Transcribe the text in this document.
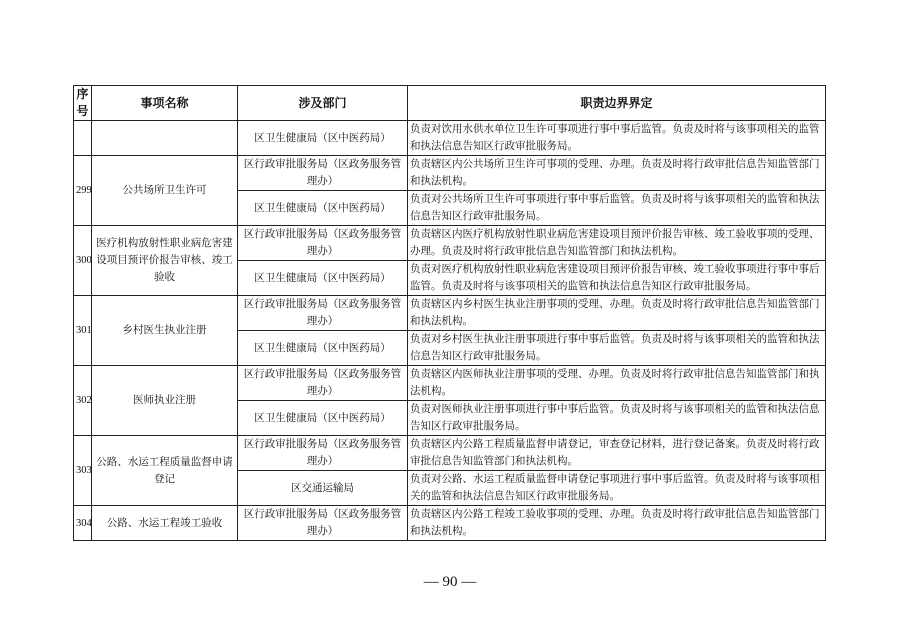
序号	事项名称	涉及部门	职责边界界定
		区卫生健康局（区中医药局）	负责对饮用水供水单位卫生许可事项进行事中事后监管。负责及时将与该事项相关的监管和执法信息告知区行政审批服务局。
299	公共场所卫生许可	区行政审批服务局（区政务服务管理办）	负责辖区内公共场所卫生许可事项的受理、办理。负责及时将行政审批信息告知监管部门和执法机构。
		区卫生健康局（区中医药局）	负责对公共场所卫生许可事项进行事中事后监管。负责及时将与该事项相关的监管和执法信息告知区行政审批服务局。
300	医疗机构放射性职业病危害建设项目预评价报告审核、竣工验收	区行政审批服务局（区政务服务管理办）	负责辖区内医疗机构放射性职业病危害建设项目预评价报告审核、竣工验收事项的受理、办理。负责及时将行政审批信息告知监管部门和执法机构。
		区卫生健康局（区中医药局）	负责对医疗机构放射性职业病危害建设项目预评价报告审核、竣工验收事项进行事中事后监管。负责及时将与该事项相关的监管和执法信息告知区行政审批服务局。
301	乡村医生执业注册	区行政审批服务局（区政务服务管理办）	负责辖区内乡村医生执业注册事项的受理、办理。负责及时将行政审批信息告知监管部门和执法机构。
		区卫生健康局（区中医药局）	负责对乡村医生执业注册事项进行事中事后监管。负责及时将与该事项相关的监管和执法信息告知区行政审批服务局。
302	医师执业注册	区行政审批服务局（区政务服务管理办）	负责辖区内医师执业注册事项的受理、办理。负责及时将行政审批信息告知监管部门和执法机构。
		区卫生健康局（区中医药局）	负责对医师执业注册事项进行事中事后监管。负责及时将与该事项相关的监管和执法信息告知区行政审批服务局。
303	公路、水运工程质量监督申请登记	区行政审批服务局（区政务服务管理办）	负责辖区内公路工程质量监督申请登记，审查登记材料，进行登记备案。负责及时将行政审批信息告知监管部门和执法机构。
		区交通运输局	负责对公路、水运工程质量监督申请登记事项进行事中事后监管。负责及时将与该事项相关的监管和执法信息告知区行政审批服务局。
304	公路、水运工程竣工验收	区行政审批服务局（区政务服务管理办）	负责辖区内公路工程竣工验收事项的受理、办理。负责及时将行政审批信息告知监管部门和执法机构。
— 90 —
